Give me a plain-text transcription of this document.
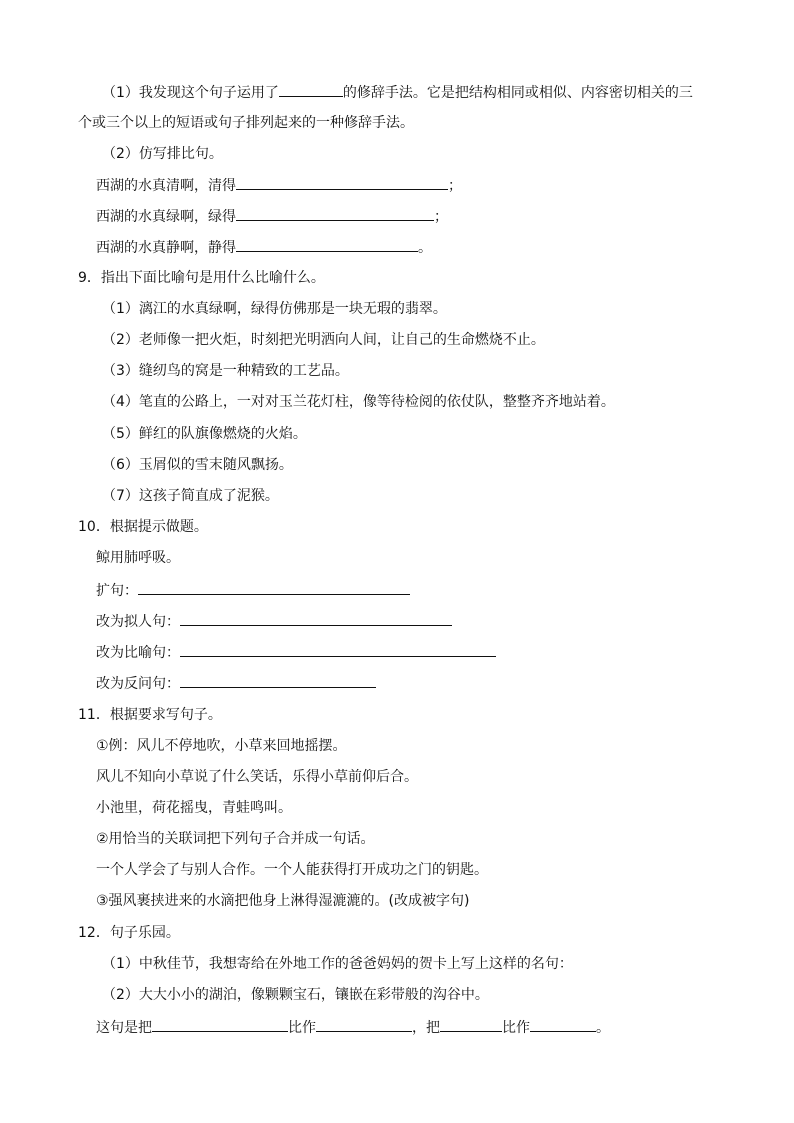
（1）我发现这个句子运用了	的修辞手法。它是把结构相同或相似、内容密切相关的三
个或三个以上的短语或句子排列起来的一种修辞手法。
（2）仿写排比句。
西湖的水真清啊，清得	；
西湖的水真绿啊，绿得	；
西湖的水真静啊，静得	。
9．指出下面比喻句是用什么比喻什么。
（1）漓江的水真绿啊，绿得仿佛那是一块无瑕的翡翠。
（2）老师像一把火炬，时刻把光明洒向人间，让自己的生命燃烧不止。
（3）缝纫鸟的窝是一种精致的工艺品。
（4）笔直的公路上，一对对玉兰花灯柱，像等待检阅的依仗队，整整齐齐地站着。
（5）鲜红的队旗像燃烧的火焰。
（6）玉屑似的雪末随风飘扬。
（7）这孩子简直成了泥猴。
10．根据提示做题。
鲸用肺呼吸。
扩句：
改为拟人句：
改为比喻句：
改为反问句：
11．根据要求写句子。
①例：风儿不停地吹，小草来回地摇摆。
风儿不知向小草说了什么笑话，乐得小草前仰后合。
小池里，荷花摇曳，青蛙鸣叫。
②用恰当的关联词把下列句子合并成一句话。
一个人学会了与别人合作。一个人能获得打开成功之门的钥匙。
③强风裹挟进来的水滴把他身上淋得湿漉漉的。(改成被字句)
12．句子乐园。
（1）中秋佳节，我想寄给在外地工作的爸爸妈妈的贺卡上写上这样的名句：
（2）大大小小的湖泊，像颗颗宝石，镶嵌在彩带般的沟谷中。
这句是把	比作	，把	比作	。
